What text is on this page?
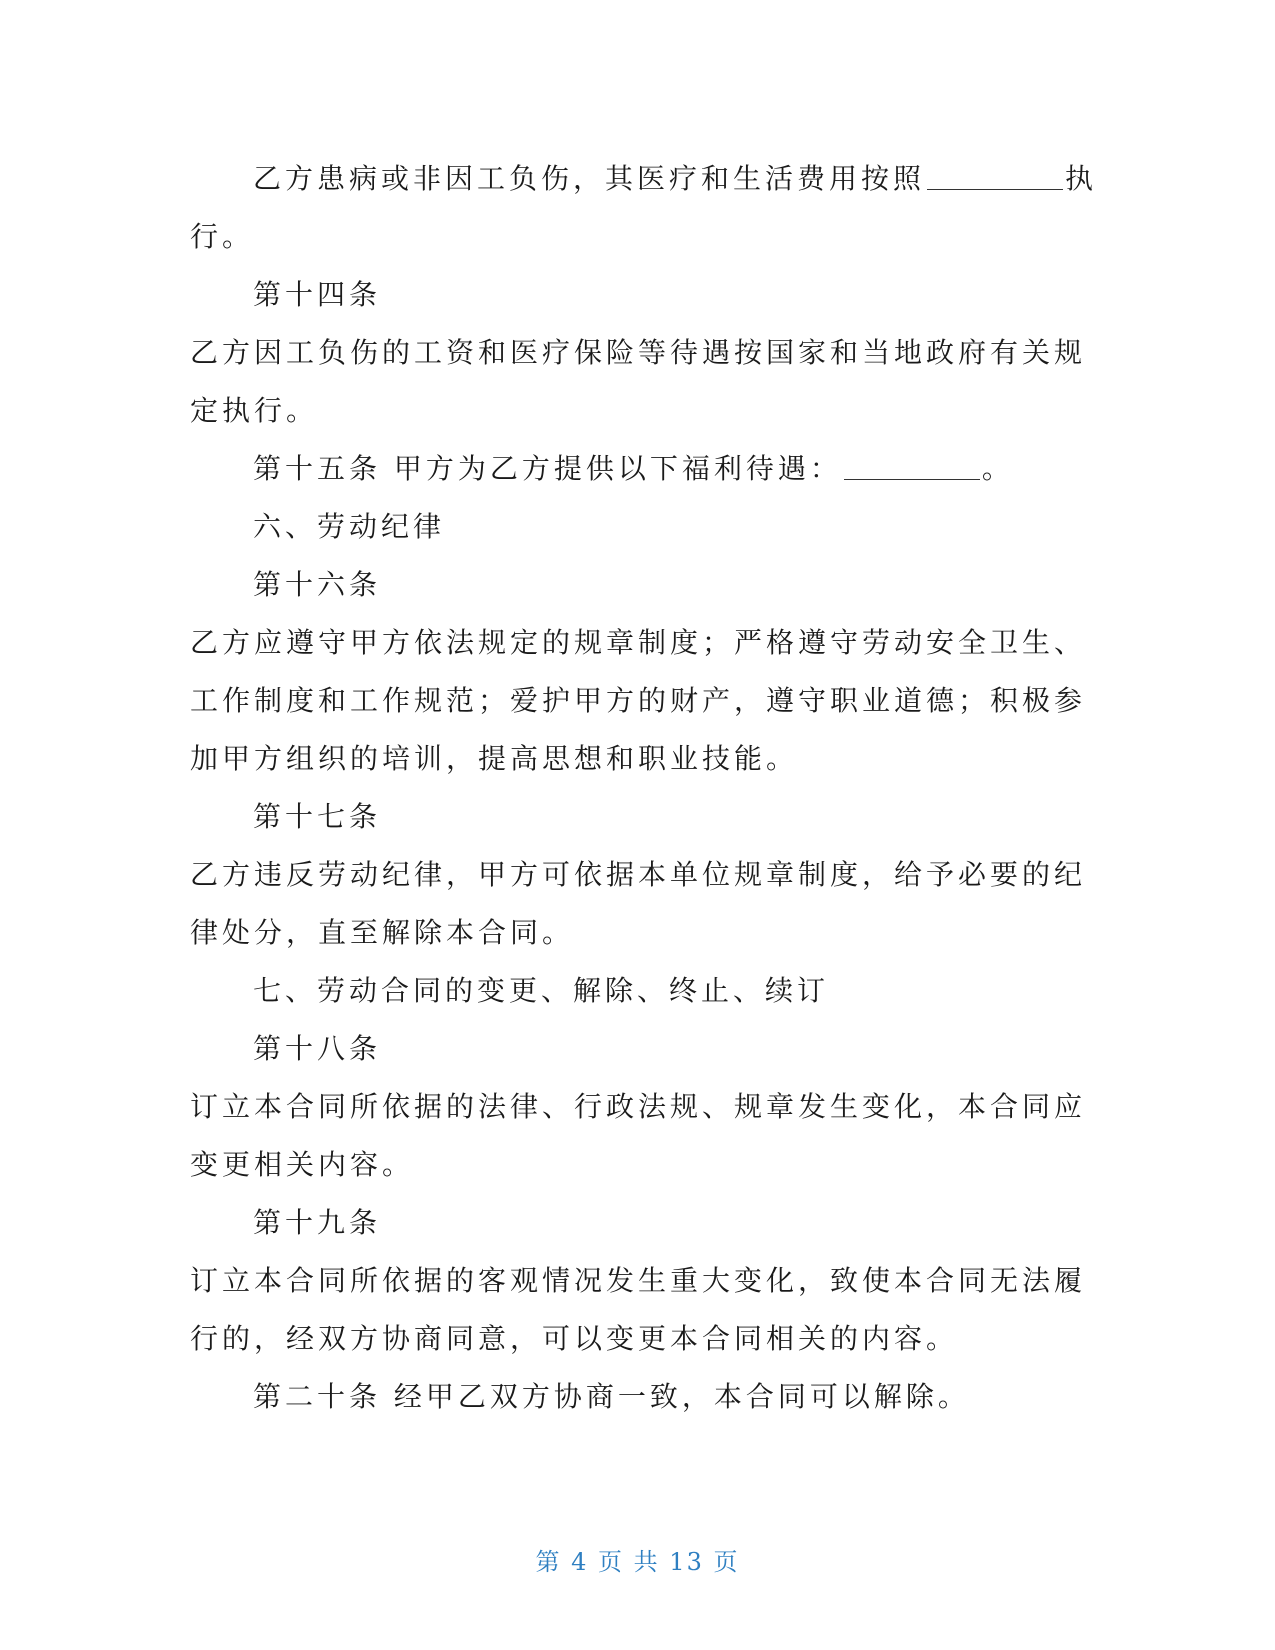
乙方患病或非因工负伤，其医疗和生活费用按照	执
行。
第十四条
乙方因工负伤的工资和医疗保险等待遇按国家和当地政府有关规
定执行。
第十五条 甲方为乙方提供以下福利待遇：	。
六、劳动纪律
第十六条
乙方应遵守甲方依法规定的规章制度；严格遵守劳动安全卫生、
工作制度和工作规范；爱护甲方的财产，遵守职业道德；积极参
加甲方组织的培训，提高思想和职业技能。
第十七条
乙方违反劳动纪律，甲方可依据本单位规章制度，给予必要的纪
律处分，直至解除本合同。
七、劳动合同的变更、解除、终止、续订
第十八条
订立本合同所依据的法律、行政法规、规章发生变化，本合同应
变更相关内容。
第十九条
订立本合同所依据的客观情况发生重大变化，致使本合同无法履
行的，经双方协商同意，可以变更本合同相关的内容。
第二十条 经甲乙双方协商一致，本合同可以解除。
第 4 页 共 13 页
